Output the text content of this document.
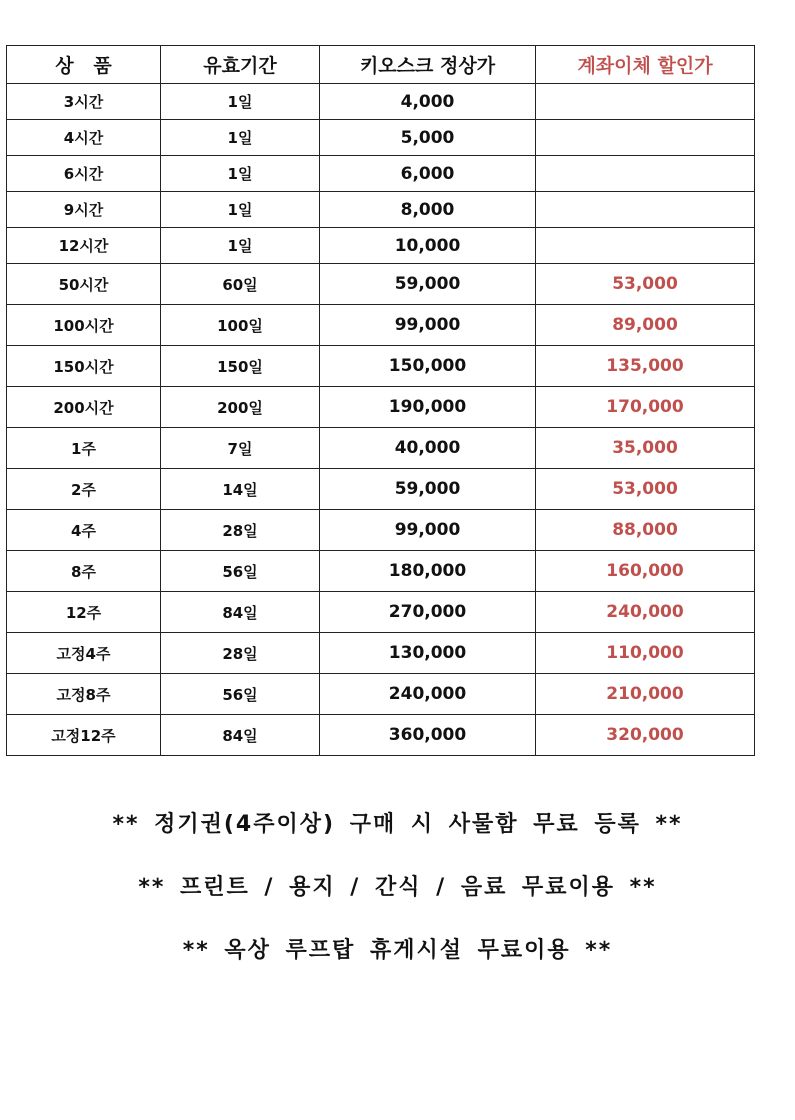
상   품	유효기간	키오스크 정상가	계좌이체 할인가
3시간	1일	4,000	
4시간	1일	5,000	
6시간	1일	6,000	
9시간	1일	8,000	
12시간	1일	10,000	
50시간	60일	59,000	53,000
100시간	100일	99,000	89,000
150시간	150일	150,000	135,000
200시간	200일	190,000	170,000
1주	7일	40,000	35,000
2주	14일	59,000	53,000
4주	28일	99,000	88,000
8주	56일	180,000	160,000
12주	84일	270,000	240,000
고정4주	28일	130,000	110,000
고정8주	56일	240,000	210,000
고정12주	84일	360,000	320,000
** 정기권(4주이상) 구매 시 사물함 무료 등록 **
** 프린트 / 용지 / 간식 / 음료 무료이용 **
** 옥상 루프탑 휴게시설 무료이용 **
